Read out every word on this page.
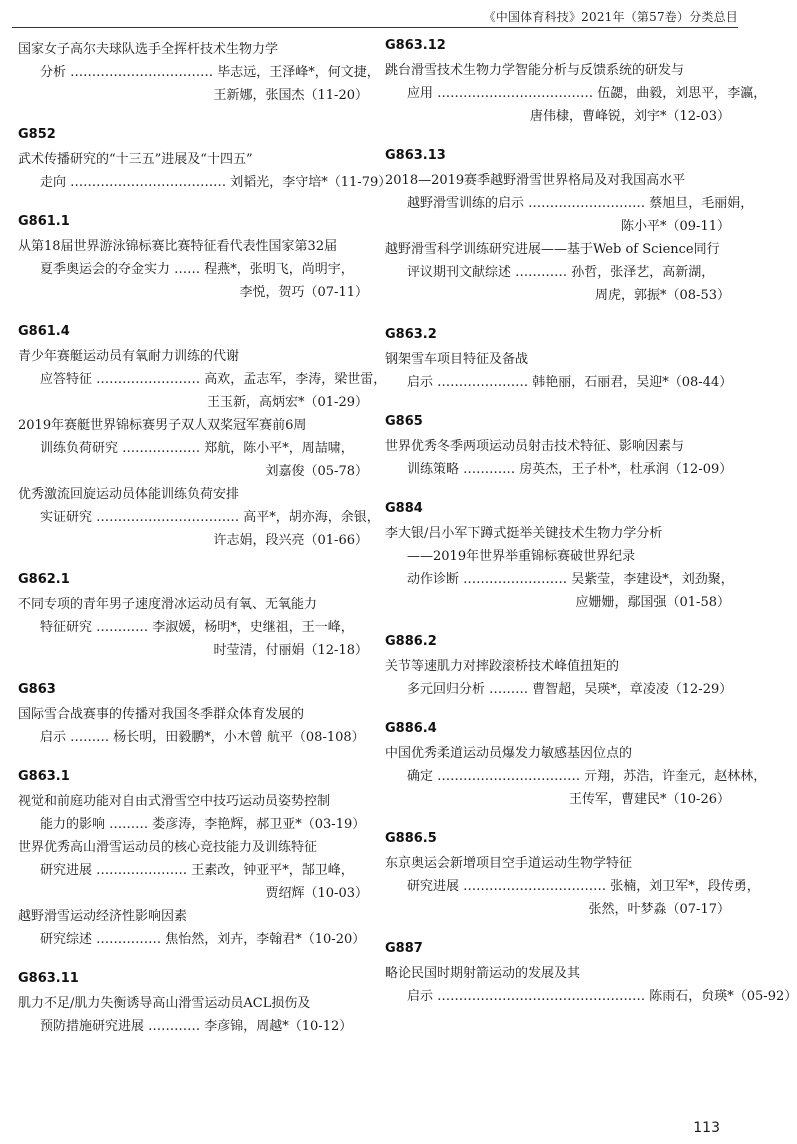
《中国体育科技》2021年（第57卷）分类总目
国家女子高尔夫球队选手全挥杆技术生物力学
分析 …………………………… 毕志远，王泽峰*，何文捷，
王新娜，张国杰（11-20）
G852
武术传播研究的“十三五”进展及“十四五”
走向 ……………………………… 刘韬光，李守培*（11-79）
G861.1
从第18届世界游泳锦标赛比赛特征看代表性国家第32届
夏季奥运会的夺金实力 …… 程燕*，张明飞，尚明宇，
李悦，贺巧（07-11）
G861.4
青少年赛艇运动员有氧耐力训练的代谢
应答特征 …………………… 高欢，孟志军，李涛，梁世雷，
王玉新，高炳宏*（01-29）
2019年赛艇世界锦标赛男子双人双桨冠军赛前6周
训练负荷研究 ……………… 郑航，陈小平*，周喆啸，
刘嘉俊（05-78）
优秀激流回旋运动员体能训练负荷安排
实证研究 …………………………… 高平*，胡亦海，余银，
许志娟，段兴亮（01-66）
G862.1
不同专项的青年男子速度滑冰运动员有氧、无氧能力
特征研究 ………… 李淑媛，杨明*，史继祖，王一峰，
时莹清，付丽娟（12-18）
G863
国际雪合战赛事的传播对我国冬季群众体育发展的
启示 ……… 杨长明，田毅鹏*，小木曾 航平（08-108）
G863.1
视觉和前庭功能对自由式滑雪空中技巧运动员姿势控制
能力的影响 ……… 娄彦涛，李艳辉，郝卫亚*（03-19）
世界优秀高山滑雪运动员的核心竞技能力及训练特征
研究进展 ………………… 王素改，钟亚平*，郜卫峰，
贾绍辉（10-03）
越野滑雪运动经济性影响因素
研究综述 …………… 焦怡然，刘卉，李翰君*（10-20）
G863.11
肌力不足/肌力失衡诱导高山滑雪运动员ACL损伤及
预防措施研究进展 ………… 李彦锦，周越*（10-12）
G863.12
跳台滑雪技术生物力学智能分析与反馈系统的研发与
应用 ……………………………… 伍勰，曲毅，刘思平，李瀛，
唐伟棣，曹峰锐，刘宇*（12-03）
G863.13
2018—2019赛季越野滑雪世界格局及对我国高水平
越野滑雪训练的启示 ……………………… 蔡旭旦，毛丽娟，
陈小平*（09-11）
越野滑雪科学训练研究进展——基于Web of Science同行
评议期刊文献综述 ………… 孙哲，张泽艺，高新湖，
周虎，郭振*（08-53）
G863.2
钢架雪车项目特征及备战
启示 ………………… 韩艳丽，石丽君，吴迎*（08-44）
G865
世界优秀冬季两项运动员射击技术特征、影响因素与
训练策略 ………… 房英杰，王子朴*，杜承润（12-09）
G884
李大银/吕小军下蹲式挺举关键技术生物力学分析
——2019年世界举重锦标赛破世界纪录
动作诊断 …………………… 吴紫莹，李建设*，刘劲聚，
应姗姗，鄢国强（01-58）
G886.2
关节等速肌力对摔跤滚桥技术峰值扭矩的
多元回归分析 ……… 曹智超，吴瑛*，章凌凌（12-29）
G886.4
中国优秀柔道运动员爆发力敏感基因位点的
确定 …………………………… 亓翔，苏浩，许奎元，赵林林，
王传军，曹建民*（10-26）
G886.5
东京奥运会新增项目空手道运动生物学特征
研究进展 …………………………… 张楠，刘卫军*，段传勇，
张然，叶梦淼（07-17）
G887
略论民国时期射箭运动的发展及其
启示 ………………………………………… 陈雨石，贠瑛*（05-92）
113
